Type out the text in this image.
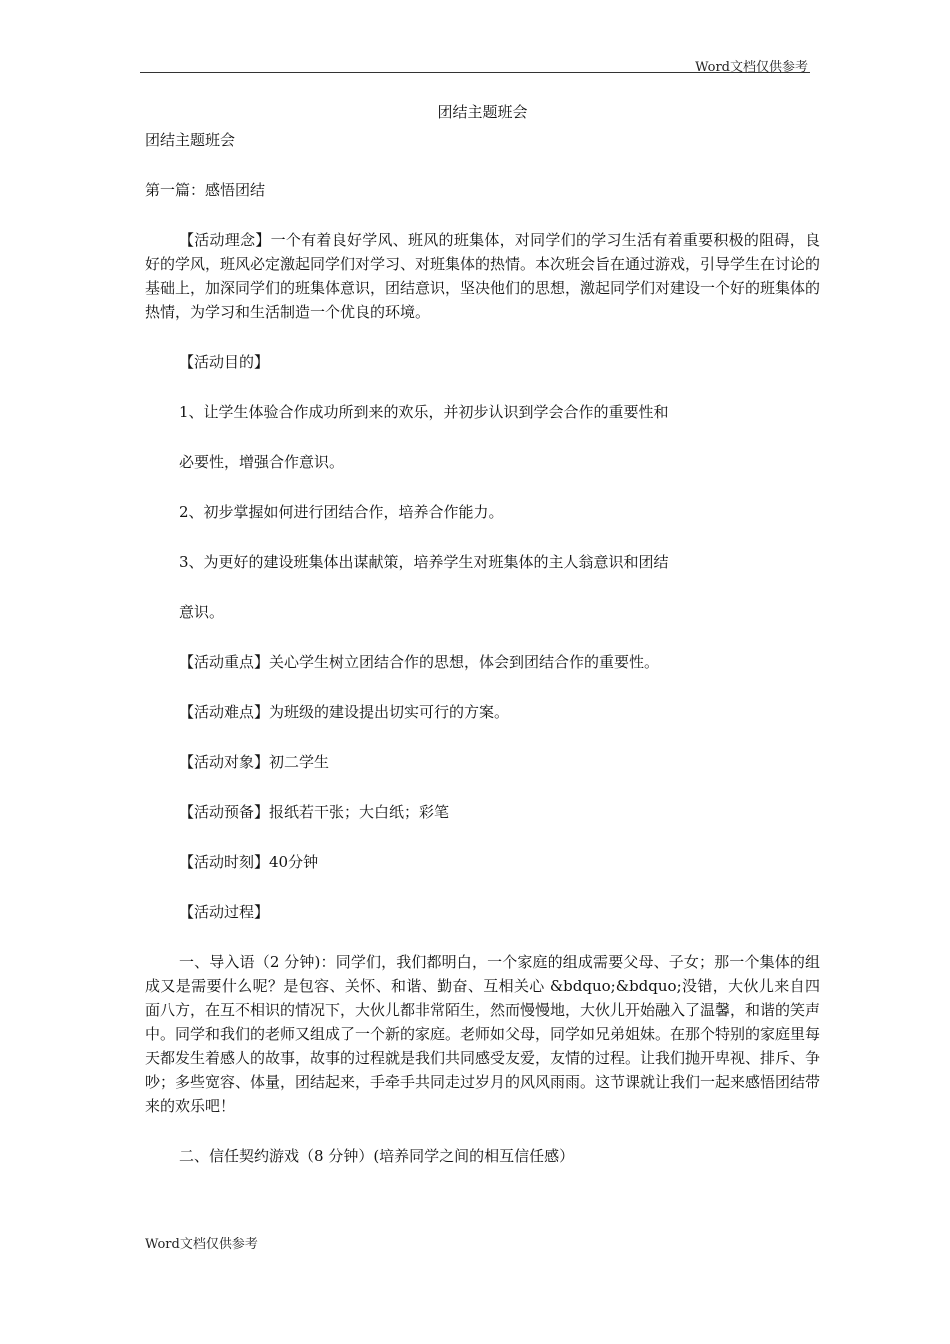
Word文档仅供参考
团结主题班会
团结主题班会
第一篇：感悟团结
【活动理念】一个有着良好学风、班风的班集体，对同学们的学习生活有着重要积极的阻碍，良好的学风，班风必定激起同学们对学习、对班集体的热情。本次班会旨在通过游戏，引导学生在讨论的基础上，加深同学们的班集体意识，团结意识，坚决他们的思想，激起同学们对建设一个好的班集体的热情，为学习和生活制造一个优良的环境。
【活动目的】
1、让学生体验合作成功所到来的欢乐，并初步认识到学会合作的重要性和
必要性，增强合作意识。
2、初步掌握如何进行团结合作，培养合作能力。
3、为更好的建设班集体出谋献策，培养学生对班集体的主人翁意识和团结
意识。
【活动重点】关心学生树立团结合作的思想，体会到团结合作的重要性。
【活动难点】为班级的建设提出切实可行的方案。
【活动对象】初二学生
【活动预备】报纸若干张；大白纸；彩笔
【活动时刻】40分钟
【活动过程】
一、导入语（2 分钟)：同学们，我们都明白，一个家庭的组成需要父母、子女；那一个集体的组成又是需要什么呢？是包容、关怀、和谐、勤奋、互相关心 &bdquo;&bdquo;没错，大伙儿来自四面八方，在互不相识的情况下，大伙儿都非常陌生，然而慢慢地，大伙儿开始融入了温馨，和谐的笑声中。同学和我们的老师又组成了一个新的家庭。老师如父母，同学如兄弟姐妹。在那个特别的家庭里每天都发生着感人的故事，故事的过程就是我们共同感受友爱，友情的过程。让我们抛开卑视、排斥、争吵；多些宽容、体量，团结起来，手牵手共同走过岁月的风风雨雨。这节课就让我们一起来感悟团结带来的欢乐吧！
二、信任契约游戏（8 分钟）(培养同学之间的相互信任感）
Word文档仅供参考
